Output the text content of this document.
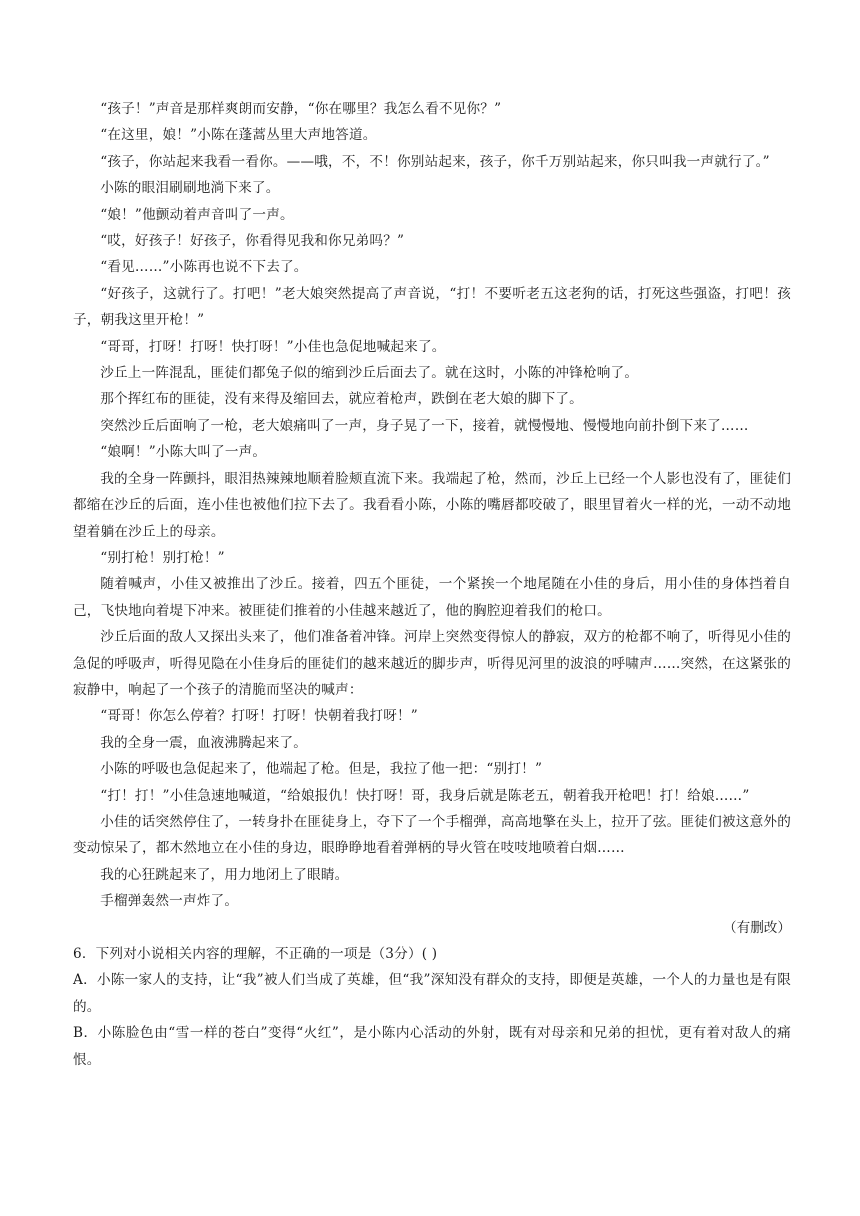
“孩子！”声音是那样爽朗而安静，“你在哪里？我怎么看不见你？”

“在这里，娘！”小陈在蓬蒿丛里大声地答道。

“孩子，你站起来我看一看你。——哦，不，不！你别站起来，孩子，你千万别站起来，你只叫我一声就行了。”

小陈的眼泪刷刷地淌下来了。

“娘！”他颤动着声音叫了一声。

“哎，好孩子！好孩子，你看得见我和你兄弟吗？”

“看见……”小陈再也说不下去了。

“好孩子，这就行了。打吧！”老大娘突然提高了声音说，“打！不要听老五这老狗的话，打死这些强盗，打吧！孩子，朝我这里开枪！”

“哥哥，打呀！打呀！快打呀！”小佳也急促地喊起来了。

沙丘上一阵混乱，匪徒们都兔子似的缩到沙丘后面去了。就在这时，小陈的冲锋枪响了。

那个挥红布的匪徒，没有来得及缩回去，就应着枪声，跌倒在老大娘的脚下了。

突然沙丘后面响了一枪，老大娘痛叫了一声，身子晃了一下，接着，就慢慢地、慢慢地向前扑倒下来了……

“娘啊！”小陈大叫了一声。

我的全身一阵颤抖，眼泪热辣辣地顺着脸颊直流下来。我端起了枪，然而，沙丘上已经一个人影也没有了，匪徒们都缩在沙丘的后面，连小佳也被他们拉下去了。我看看小陈，小陈的嘴唇都咬破了，眼里冒着火一样的光，一动不动地望着躺在沙丘上的母亲。

“别打枪！别打枪！”

随着喊声，小佳又被推出了沙丘。接着，四五个匪徒，一个紧挨一个地尾随在小佳的身后，用小佳的身体挡着自己，飞快地向着堤下冲来。被匪徒们推着的小佳越来越近了，他的胸腔迎着我们的枪口。

沙丘后面的敌人又探出头来了，他们准备着冲锋。河岸上突然变得惊人的静寂，双方的枪都不响了，听得见小佳的急促的呼吸声，听得见隐在小佳身后的匪徒们的越来越近的脚步声，听得见河里的波浪的呼啸声……突然，在这紧张的寂静中，响起了一个孩子的清脆而坚决的喊声：

“哥哥！你怎么停着？打呀！打呀！快朝着我打呀！”

我的全身一震，血液沸腾起来了。

小陈的呼吸也急促起来了，他端起了枪。但是，我拉了他一把：“别打！”

“打！打！”小佳急速地喊道，“给娘报仇！快打呀！哥，我身后就是陈老五，朝着我开枪吧！打！给娘……”

小佳的话突然停住了，一转身扑在匪徒身上，夺下了一个手榴弹，高高地擎在头上，拉开了弦。匪徒们被这意外的变动惊呆了，都木然地立在小佳的身边，眼睁睁地看着弹柄的导火管在吱吱地喷着白烟……

我的心狂跳起来了，用力地闭上了眼睛。

手榴弹轰然一声炸了。

（有删改）

6．下列对小说相关内容的理解，不正确的一项是（3分）( )

A．小陈一家人的支持，让“我”被人们当成了英雄，但“我”深知没有群众的支持，即便是英雄，一个人的力量也是有限的。

B．小陈脸色由“雪一样的苍白”变得“火红”，是小陈内心活动的外射，既有对母亲和兄弟的担忧，更有着对敌人的痛恨。
